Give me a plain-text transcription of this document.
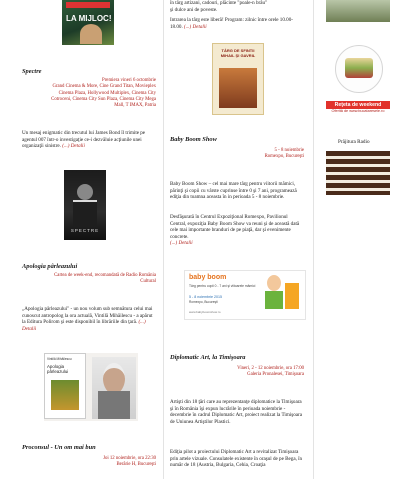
LA MIJLOC!

Spectre

Premiera vineri 6 octombrie
Grand Cinema & More, Cine Grand Titan, Movieplex
Cinema Plaza, Hollywood Multiplex, Cinema City
Cotroceni, Cinema City Sun Plaza, Cinema City Mega
Mall, T IMAX, Patria

Un mesaj enigmatic din trecutul lui James Bond îl trimite pe agentul 007 într-o investigaţie ce-i dezvăluie acţiunile unei organizaţii sinistre. (...) Detalii

SPECTRE

Apologia pârleazului

Cartea de week-end, recomandată de Radio România
Cultural

„Apologia pârleazului" - un nou volum sub semnătura celui mai cunoscut antropolog la ora actuală, Vintilă Mihăilescu - a apărut la Editura Polirom şi este disponibil în librăriile din ţară. (...) Detalii

Vintilă Mihăilescu
Apologia pârleazului

Proconsul - Un om mai bun

Joi 12 noiembrie, ora 22:30
Berărie H, Bucureşti

în târg artizani, cadouri, plăcinte "poale-n brâu"
şi dulce ani de poveste.

Intrarea la târg este liberă! Program: zilnic între orele 10.00-18.00. (...) Detalii

TÂRG DE SFINTII MIHAIL ŞI GAVRIL

Baby Boom Show

5 - 8 noiembrie
Romexpo, Bucureşti

Baby Boom Show – cel mai mare târg pentru viitorii mămici, părinţi şi copii cu vârste cuprinse între 0 şi 7 ani, programează ediţia din toamna aceasta în in perioada 5 - 8 noiembrie.

Desfăşurată în Centrul Expoziţional Romexpo, Pavilionul Central, expoziţia Baby Boom Show va reuni şi de această dată cele mai importante branduri de pe piaţă, dar şi evenimente concrete.
(...) Detalii

baby boom
Târg pentru copii 0 - 7 ani şi viitoarele mămici
5 - 8 noiembrie 2015
Romexpo, Bucureşti
www.babyboomshow.ro

Diplomatic Art, la Timişoara

Vineri, 2 - 12 noiembrie, ora 17:00
Galeria Pronalesei, Timişoara

Artişti din 18 ţări care au reprezentanţe diplomatice la Timişoara şi în România îşi expun lucrările în perioada noiembrie - decembrie în cadrul Diplomatic Art, proiect realizat la Timişoara de Uniunea Artiştilor Plastici.

Ediţia pilot a proiectului Diplomatic Art a revitalizat Timişoara prin artele vizuale. Consulatele existente în oraşul de pe Bega, în număr de 18 (Austria, Bulgaria, Cehia, Croaţia

Reţeta de weekend
Oferită de www.bucataresele.ro
Prăjitura Radio
